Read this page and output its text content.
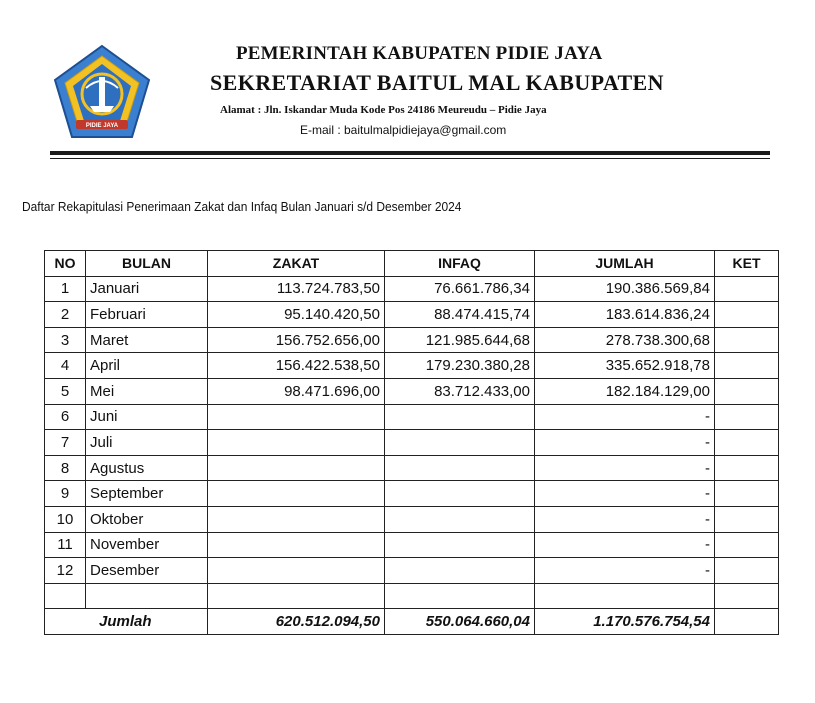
PIDIE JAYA
PEMERINTAH KABUPATEN PIDIE JAYA
SEKRETARIAT BAITUL MAL KABUPATEN
Alamat : Jln. Iskandar Muda Kode Pos 24186 Meureudu – Pidie Jaya
E-mail : baitulmalpidiejaya@gmail.com
Daftar Rekapitulasi Penerimaan Zakat dan Infaq Bulan Januari s/d Desember 2024
NO	BULAN	ZAKAT	INFAQ	JUMLAH	KET
1	Januari	113.724.783,50	76.661.786,34	190.386.569,84	
2	Februari	95.140.420,50	88.474.415,74	183.614.836,24	
3	Maret	156.752.656,00	121.985.644,68	278.738.300,68	
4	April	156.422.538,50	179.230.380,28	335.652.918,78	
5	Mei	98.471.696,00	83.712.433,00	182.184.129,00	
6	Juni			-	
7	Juli			-	
8	Agustus			-	
9	September			-	
10	Oktober			-	
11	November			-	
12	Desember			-	

Jumlah		620.512.094,50	550.064.660,04	1.170.576.754,54	
